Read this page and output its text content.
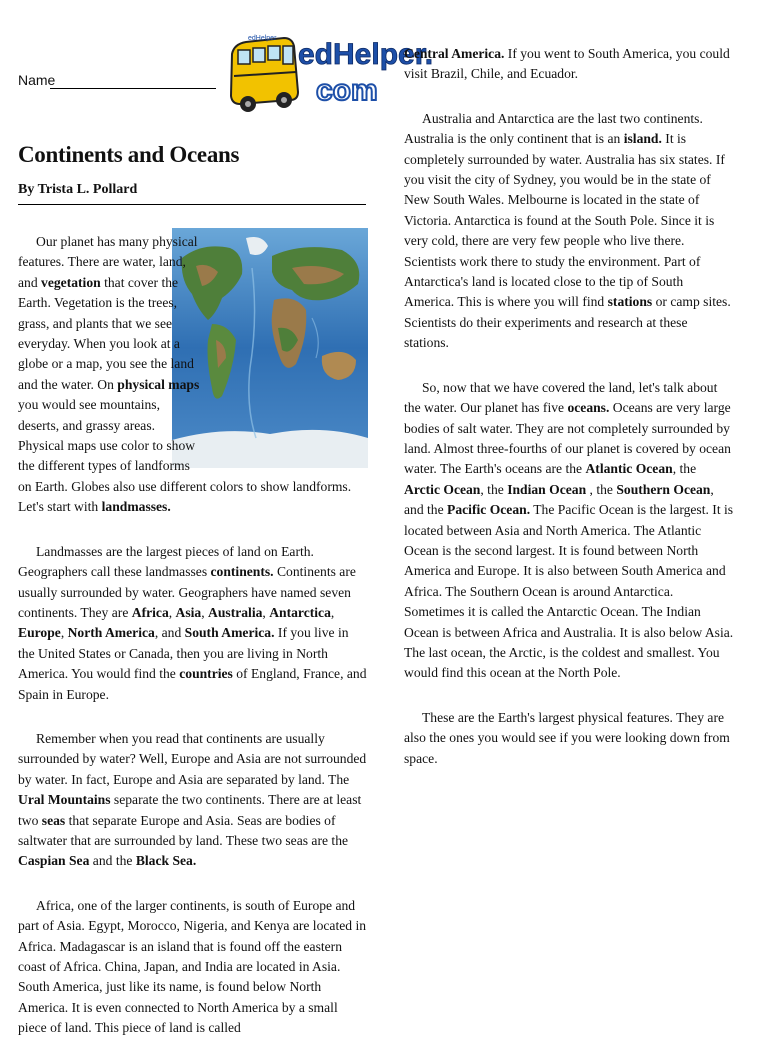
Name
edHelper edHelper.
com
Continents and Oceans

By Trista L. Pollard

Our planet has many physical features. There are water, land, and vegetation that cover the Earth. Vegetation is the trees, grass, and plants that we see everyday. When you look at a globe or a map, you see the land and the water. On physical maps you would see mountains, deserts, and grassy areas. Physical maps use color to show the different types of landforms on Earth. Globes also use different colors to show landforms. Let's start with landmasses.

Landmasses are the largest pieces of land on Earth. Geographers call these landmasses continents. Continents are usually surrounded by water. Geographers have named seven continents. They are Africa, Asia, Australia, Antarctica, Europe, North America, and South America. If you live in the United States or Canada, then you are living in North America. You would find the countries of England, France, and Spain in Europe.

Remember when you read that continents are usually surrounded by water? Well, Europe and Asia are not surrounded by water. In fact, Europe and Asia are separated by land. The Ural Mountains separate the two continents. There are at least two seas that separate Europe and Asia. Seas are bodies of saltwater that are surrounded by land. These two seas are the Caspian Sea and the Black Sea.

Africa, one of the larger continents, is south of Europe and part of Asia. Egypt, Morocco, Nigeria, and Kenya are located in Africa. Madagascar is an island that is found off the eastern coast of Africa. China, Japan, and India are located in Asia. South America, just like its name, is found below North America. It is even connected to North America by a small piece of land. This piece of land is called

Central America. If you went to South America, you could visit Brazil, Chile, and Ecuador.

Australia and Antarctica are the last two continents. Australia is the only continent that is an island. It is completely surrounded by water. Australia has six states. If you visit the city of Sydney, you would be in the state of New South Wales. Melbourne is located in the state of Victoria. Antarctica is found at the South Pole. Since it is very cold, there are very few people who live there. Scientists work there to study the environment. Part of Antarctica's land is located close to the tip of South America. This is where you will find stations or camp sites. Scientists do their experiments and research at these stations.

So, now that we have covered the land, let's talk about the water. Our planet has five oceans. Oceans are very large bodies of salt water. They are not completely surrounded by land. Almost three-fourths of our planet is covered by ocean water. The Earth's oceans are the Atlantic Ocean, the Arctic Ocean, the Indian Ocean , the Southern Ocean, and the Pacific Ocean. The Pacific Ocean is the largest. It is located between Asia and North America. The Atlantic Ocean is the second largest. It is found between North America and Europe. It is also between South America and Africa. The Southern Ocean is around Antarctica. Sometimes it is called the Antarctic Ocean. The Indian Ocean is between Africa and Australia. It is also below Asia. The last ocean, the Arctic, is the coldest and smallest. You would find this ocean at the North Pole.

These are the Earth's largest physical features. They are also the ones you would see if you were looking down from space.
